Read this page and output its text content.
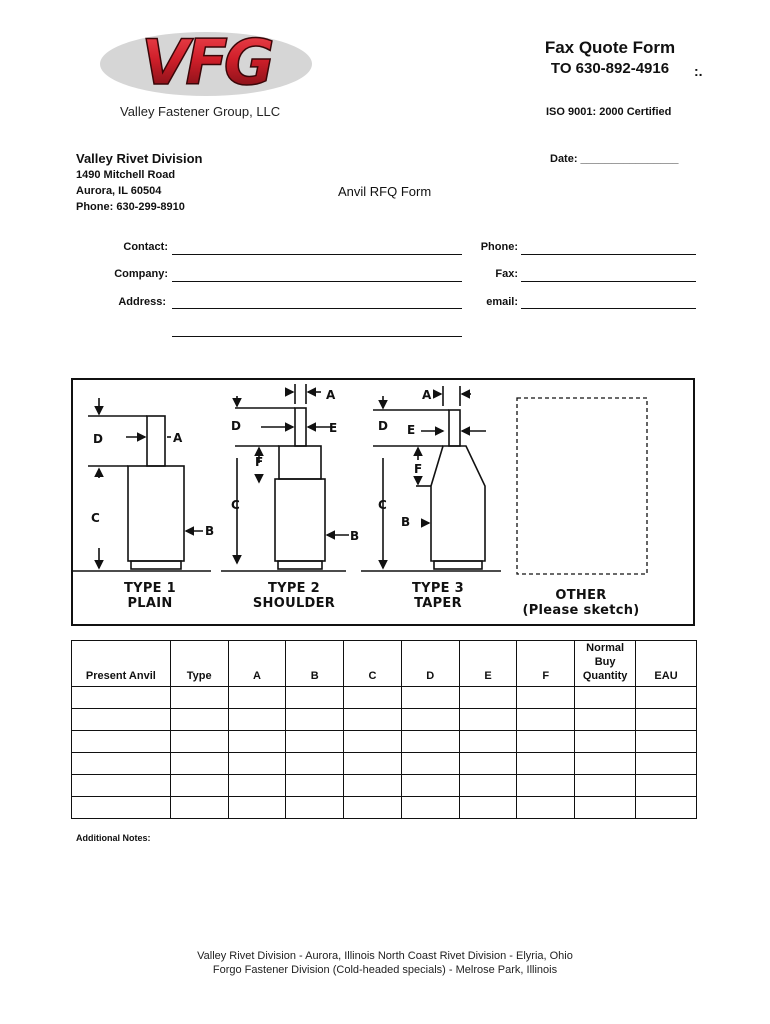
VFG	Fax Quote Form
TO 630-892-4916	:.
Valley Fastener Group, LLC	ISO 9001: 2000 Certified
Valley Rivet Division
1490 Mitchell Road
Aurora, IL 60504
Phone: 630-299-8910
Date: ________________
Anvil RFQ Form
Contact:
Company:
Address:
Phone:
Fax:
email:
D	A
C
B
A
D	E
F
C
B
A
D E
F
C
B
TYPE 1
PLAIN
TYPE 2
SHOULDER
TYPE 3
TAPER
OTHER
(Please sketch)
Present Anvil	Type	A	B	C	D	E	F	Normal Buy Quantity	EAU

Additional Notes:
Valley Rivet Division - Aurora, Illinois North Coast Rivet Division - Elyria, Ohio
Forgo Fastener Division (Cold-headed specials) - Melrose Park, Illinois
